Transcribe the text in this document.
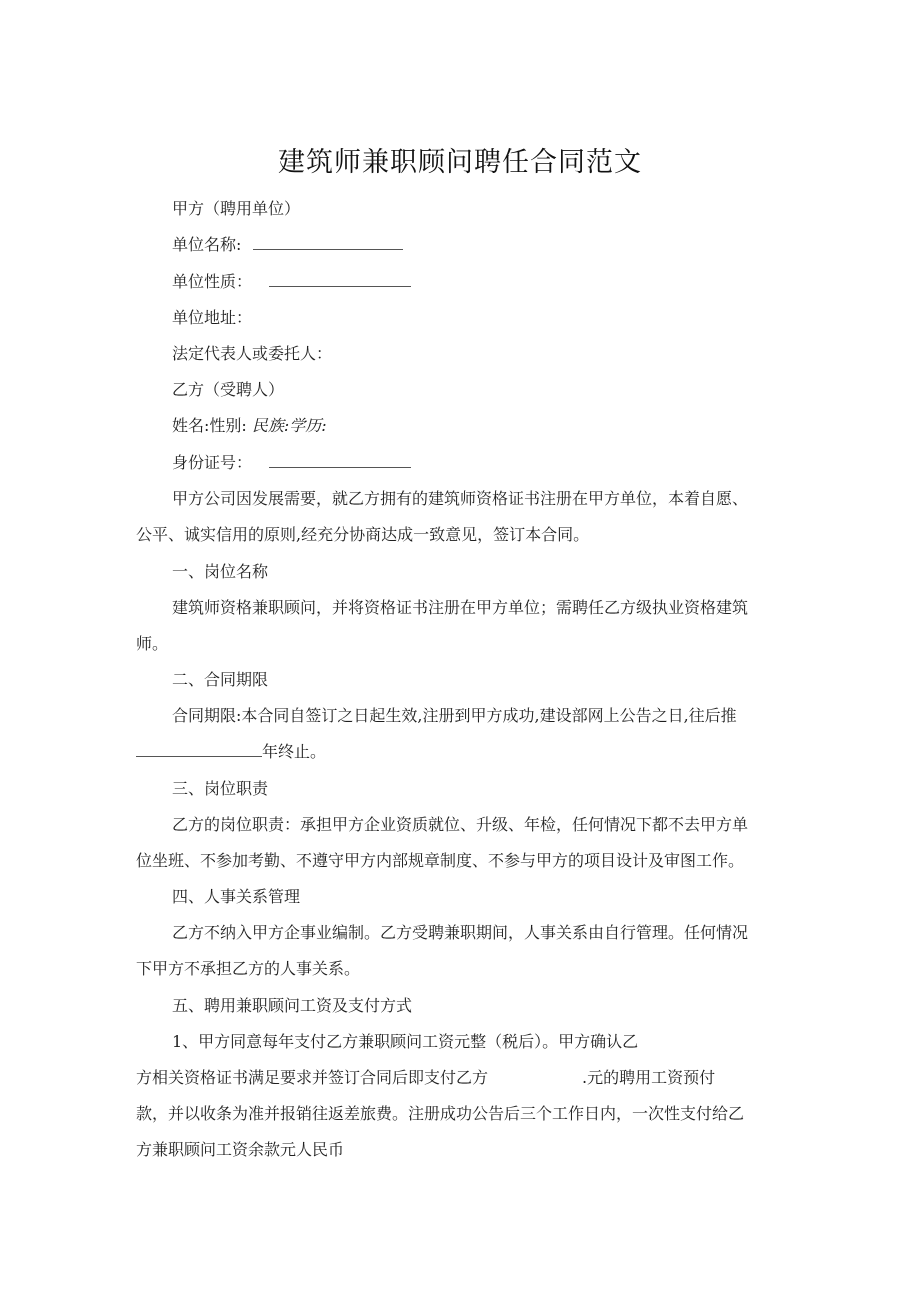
建筑师兼职顾问聘任合同范文
甲方（聘用单位）
单位名称:
单位性质：
单位地址：
法定代表人或委托人：
乙方（受聘人）
姓名:性别: 民族:学历:
身份证号：
甲方公司因发展需要，就乙方拥有的建筑师资格证书注册在甲方单位，本着自愿、
公平、诚实信用的原则,经充分协商达成一致意见，签订本合同。
一、岗位名称
建筑师资格兼职顾问，并将资格证书注册在甲方单位；需聘任乙方级执业资格建筑
师。
二、合同期限
合同期限:本合同自签订之日起生效,注册到甲方成功,建设部网上公告之日,往后推
年终止。
三、岗位职责
乙方的岗位职责：承担甲方企业资质就位、升级、年检，任何情况下都不去甲方单
位坐班、不参加考勤、不遵守甲方内部规章制度、不参与甲方的项目设计及审图工作。
四、人事关系管理
乙方不纳入甲方企事业编制。乙方受聘兼职期间，人事关系由自行管理。任何情况
下甲方不承担乙方的人事关系。
五、聘用兼职顾问工资及支付方式
1、甲方同意每年支付乙方兼职顾问工资元整（税后）。甲方确认乙
方相关资格证书满足要求并签订合同后即支付乙方	.元的聘用工资预付
款，并以收条为准并报销往返差旅费。注册成功公告后三个工作日内，一次性支付给乙
方兼职顾问工资余款元人民币
